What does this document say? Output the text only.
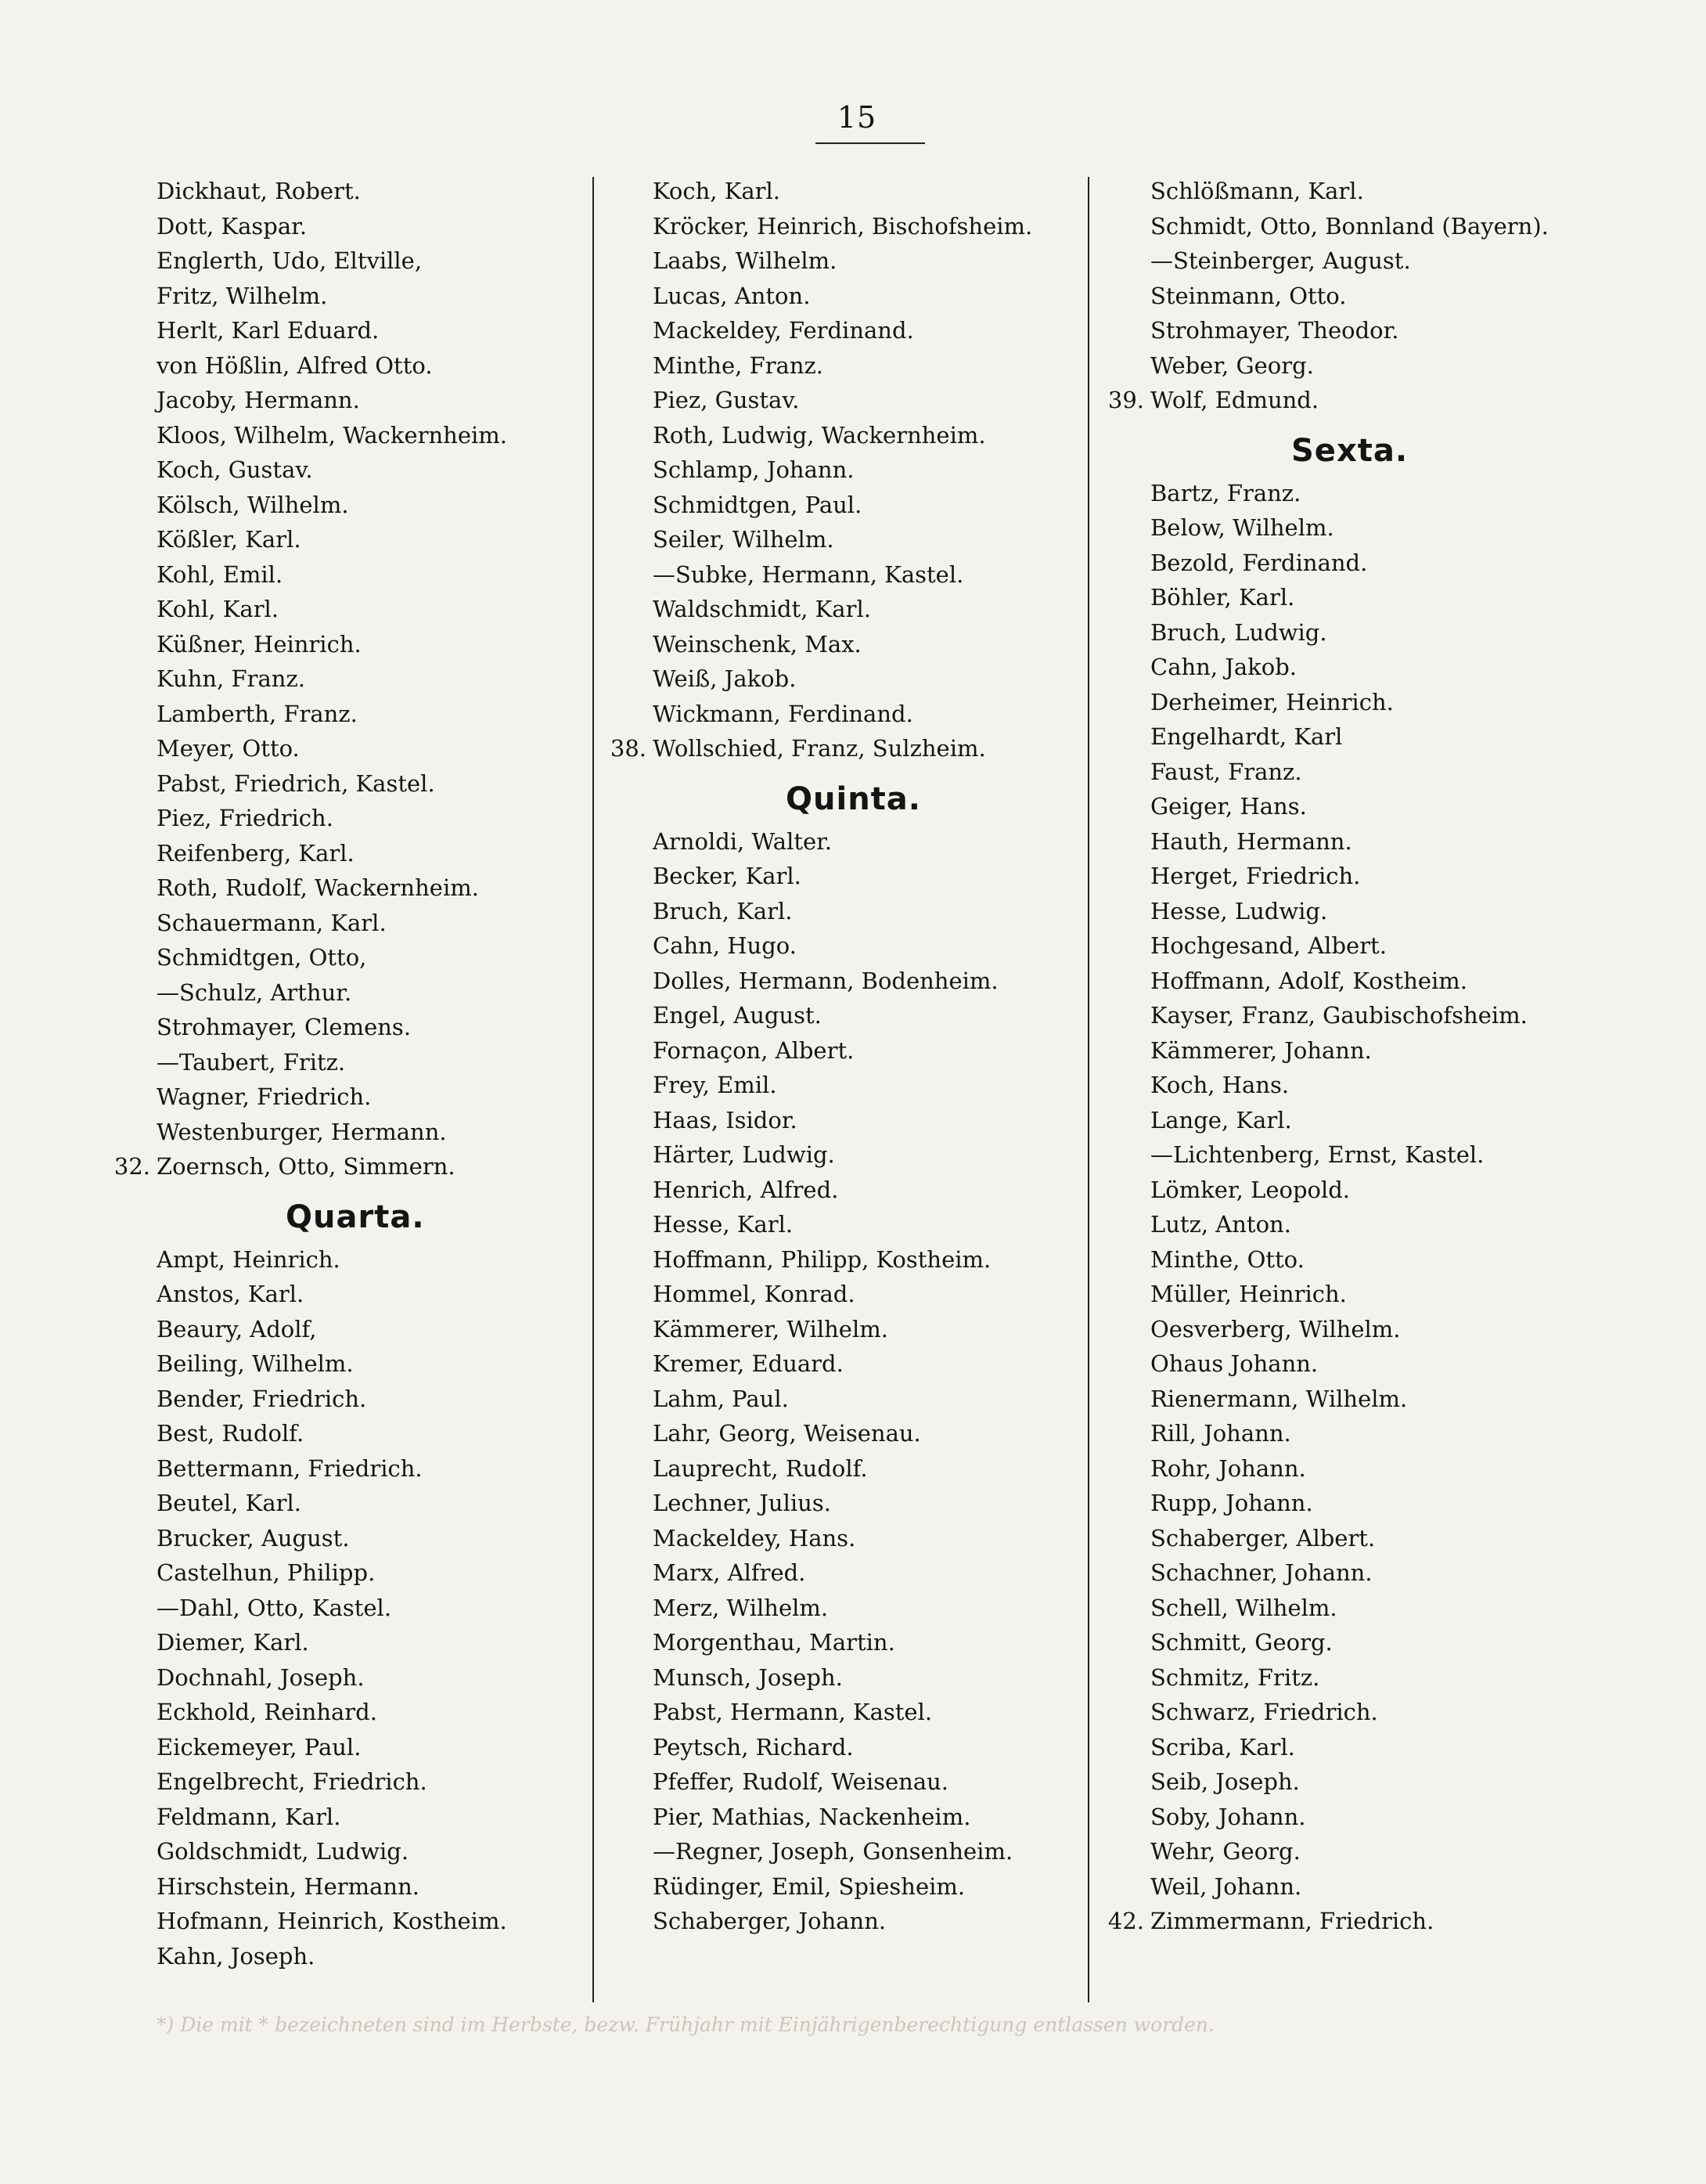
15
Dickhaut, Robert.
Dott, Kaspar.
Englerth, Udo, Eltville,
Fritz, Wilhelm.
Herlt, Karl Eduard.
von Hößlin, Alfred Otto.
Jacoby, Hermann.
Kloos, Wilhelm, Wackernheim.
Koch, Gustav.
Kölsch, Wilhelm.
Kößler, Karl.
Kohl, Emil.
Kohl, Karl.
Küßner, Heinrich.
Kuhn, Franz.
Lamberth, Franz.
Meyer, Otto.
Pabst, Friedrich, Kastel.
Piez, Friedrich.
Reifenberg, Karl.
Roth, Rudolf, Wackernheim.
Schauermann, Karl.
Schmidtgen, Otto,
—Schulz, Arthur.
Strohmayer, Clemens.
—Taubert, Fritz.
Wagner, Friedrich.
Westenburger, Hermann.
32. Zoernsch, Otto, Simmern.
Quarta.
Ampt, Heinrich.
Anstos, Karl.
Beaury, Adolf,
Beiling, Wilhelm.
Bender, Friedrich.
Best, Rudolf.
Bettermann, Friedrich.
Beutel, Karl.
Brucker, August.
Castelhun, Philipp.
—Dahl, Otto, Kastel.
Diemer, Karl.
Dochnahl, Joseph.
Eckhold, Reinhard.
Eickemeyer, Paul.
Engelbrecht, Friedrich.
Feldmann, Karl.
Goldschmidt, Ludwig.
Hirschstein, Hermann.
Hofmann, Heinrich, Kostheim.
Kahn, Joseph.
Koch, Karl.
Kröcker, Heinrich, Bischofsheim.
Laabs, Wilhelm.
Lucas, Anton.
Mackeldey, Ferdinand.
Minthe, Franz.
Piez, Gustav.
Roth, Ludwig, Wackernheim.
Schlamp, Johann.
Schmidtgen, Paul.
Seiler, Wilhelm.
—Subke, Hermann, Kastel.
Waldschmidt, Karl.
Weinschenk, Max.
Weiß, Jakob.
Wickmann, Ferdinand.
38. Wollschied, Franz, Sulzheim.
Quinta.
Arnoldi, Walter.
Becker, Karl.
Bruch, Karl.
Cahn, Hugo.
Dolles, Hermann, Bodenheim.
Engel, August.
Fornaçon, Albert.
Frey, Emil.
Haas, Isidor.
Härter, Ludwig.
Henrich, Alfred.
Hesse, Karl.
Hoffmann, Philipp, Kostheim.
Hommel, Konrad.
Kämmerer, Wilhelm.
Kremer, Eduard.
Lahm, Paul.
Lahr, Georg, Weisenau.
Lauprecht, Rudolf.
Lechner, Julius.
Mackeldey, Hans.
Marx, Alfred.
Merz, Wilhelm.
Morgenthau, Martin.
Munsch, Joseph.
Pabst, Hermann, Kastel.
Peytsch, Richard.
Pfeffer, Rudolf, Weisenau.
Pier, Mathias, Nackenheim.
—Regner, Joseph, Gonsenheim.
Rüdinger, Emil, Spiesheim.
Schaberger, Johann.
Schlößmann, Karl.
Schmidt, Otto, Bonnland (Bayern).
—Steinberger, August.
Steinmann, Otto.
Strohmayer, Theodor.
Weber, Georg.
39. Wolf, Edmund.
Sexta.
Bartz, Franz.
Below, Wilhelm.
Bezold, Ferdinand.
Böhler, Karl.
Bruch, Ludwig.
Cahn, Jakob.
Derheimer, Heinrich.
Engelhardt, Karl
Faust, Franz.
Geiger, Hans.
Hauth, Hermann.
Herget, Friedrich.
Hesse, Ludwig.
Hochgesand, Albert.
Hoffmann, Adolf, Kostheim.
Kayser, Franz, Gaubischofsheim.
Kämmerer, Johann.
Koch, Hans.
Lange, Karl.
—Lichtenberg, Ernst, Kastel.
Lömker, Leopold.
Lutz, Anton.
Minthe, Otto.
Müller, Heinrich.
Oesverberg, Wilhelm.
Ohaus Johann.
Rienermann, Wilhelm.
Rill, Johann.
Rohr, Johann.
Rupp, Johann.
Schaberger, Albert.
Schachner, Johann.
Schell, Wilhelm.
Schmitt, Georg.
Schmitz, Fritz.
Schwarz, Friedrich.
Scriba, Karl.
Seib, Joseph.
Soby, Johann.
Wehr, Georg.
Weil, Johann.
42. Zimmermann, Friedrich.
*) Die mit * bezeichneten sind im Herbste, bezw. Frühjahr mit Einjährigenberechtigung entlassen worden.
